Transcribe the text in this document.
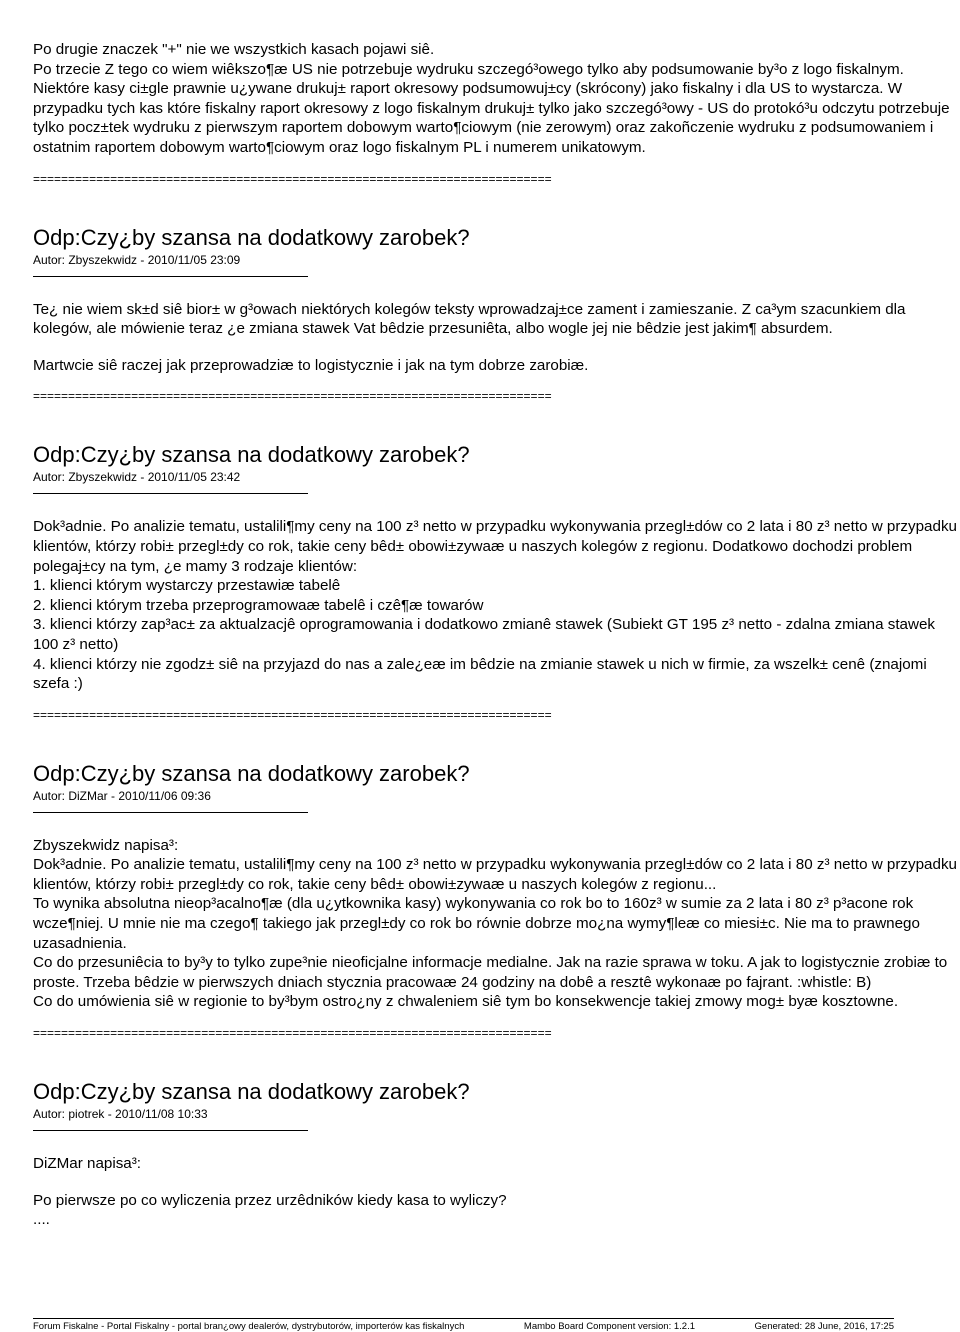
Po drugie znaczek "+" nie we wszystkich kasach pojawi siê.

Po trzecie Z tego co wiem wiêkszo¶æ US nie potrzebuje wydruku szczegó³owego tylko aby podsumowanie by³o z logo fiskalnym. Niektóre kasy ci±gle prawnie u¿ywane drukuj± raport okresowy podsumowuj±cy (skrócony) jako fiskalny i dla US to wystarcza. W przypadku tych kas które fiskalny raport okresowy z logo fiskalnym drukuj± tylko jako szczegó³owy - US do protokó³u odczytu potrzebuje tylko pocz±tek wydruku z pierwszym raportem dobowym warto¶ciowym (nie zerowym) oraz zakoñczenie wydruku z podsumowaniem i ostatnim raportem dobowym warto¶ciowym oraz logo fiskalnym PL i numerem unikatowym.

==========================================================================
Odp:Czy¿by szansa na dodatkowy zarobek?
Autor: Zbyszekwidz - 2010/11/05 23:09

Te¿ nie wiem sk±d siê bior± w g³owach niektórych kolegów teksty wprowadzaj±ce zament i zamieszanie. Z ca³ym szacunkiem dla kolegów, ale mówienie teraz ¿e zmiana stawek Vat bêdzie przesuniêta, albo wogle jej nie bêdzie jest jakim¶ absurdem.

Martwcie siê raczej jak przeprowadziæ to logistycznie i jak na tym dobrze zarobiæ.

==========================================================================
Odp:Czy¿by szansa na dodatkowy zarobek?
Autor: Zbyszekwidz - 2010/11/05 23:42

Dok³adnie. Po analizie tematu, ustalili¶my ceny na 100 z³ netto w przypadku wykonywania przegl±dów co 2 lata i 80 z³ netto w przypadku klientów, którzy robi± przegl±dy co rok, takie ceny bêd± obowi±zywaæ u naszych kolegów z regionu. Dodatkowo dochodzi problem polegaj±cy na tym, ¿e mamy 3 rodzaje klientów:
1. klienci którym wystarczy przestawiæ tabelê
2. klienci którym trzeba przeprogramowaæ tabelê i czê¶æ towarów
3. klienci którzy zap³ac± za aktualzacjê oprogramowania i dodatkowo zmianê stawek (Subiekt GT 195 z³ netto - zdalna zmiana stawek 100 z³ netto)
4. klienci którzy nie zgodz± siê na przyjazd do nas a zale¿eæ im bêdzie na zmianie stawek u nich w firmie, za wszelk± cenê (znajomi szefa :)

==========================================================================
Odp:Czy¿by szansa na dodatkowy zarobek?
Autor: DiZMar - 2010/11/06 09:36

Zbyszekwidz napisa³:
Dok³adnie. Po analizie tematu, ustalili¶my ceny na 100 z³ netto w przypadku wykonywania przegl±dów co 2 lata i 80 z³ netto w przypadku klientów, którzy robi± przegl±dy co rok, takie ceny bêd± obowi±zywaæ u naszych kolegów z regionu...
To wynika absolutna nieop³acalno¶æ (dla u¿ytkownika kasy) wykonywania co rok bo to 160z³ w sumie za 2 lata i 80 z³ p³acone rok wcze¶niej. U mnie nie ma czego¶ takiego jak przegl±dy co rok bo równie dobrze mo¿na wymy¶leæ co miesi±c. Nie ma to prawnego uzasadnienia.
Co do przesuniêcia to by³y to tylko zupe³nie nieoficjalne informacje medialne. Jak na razie sprawa w toku. A jak to logistycznie zrobiæ to proste. Trzeba bêdzie w pierwszych dniach stycznia pracowaæ 24 godziny na dobê a resztê wykonaæ po fajrant. :whistle: B)
Co do umówienia siê w regionie to by³bym ostro¿ny z chwaleniem siê tym bo konsekwencje takiej zmowy mog± byæ kosztowne.

==========================================================================
Odp:Czy¿by szansa na dodatkowy zarobek?
Autor: piotrek - 2010/11/08 10:33

DiZMar napisa³:

Po pierwsze po co wyliczenia przez urzêdników kiedy kasa to wyliczy?
....

Forum Fiskalne - Portal Fiskalny - portal bran¿owy dealerów, dystrybutorów, importerów kas fiskalnych	Mambo Board Component version: 1.2.1	Generated: 28 June, 2016, 17:25
